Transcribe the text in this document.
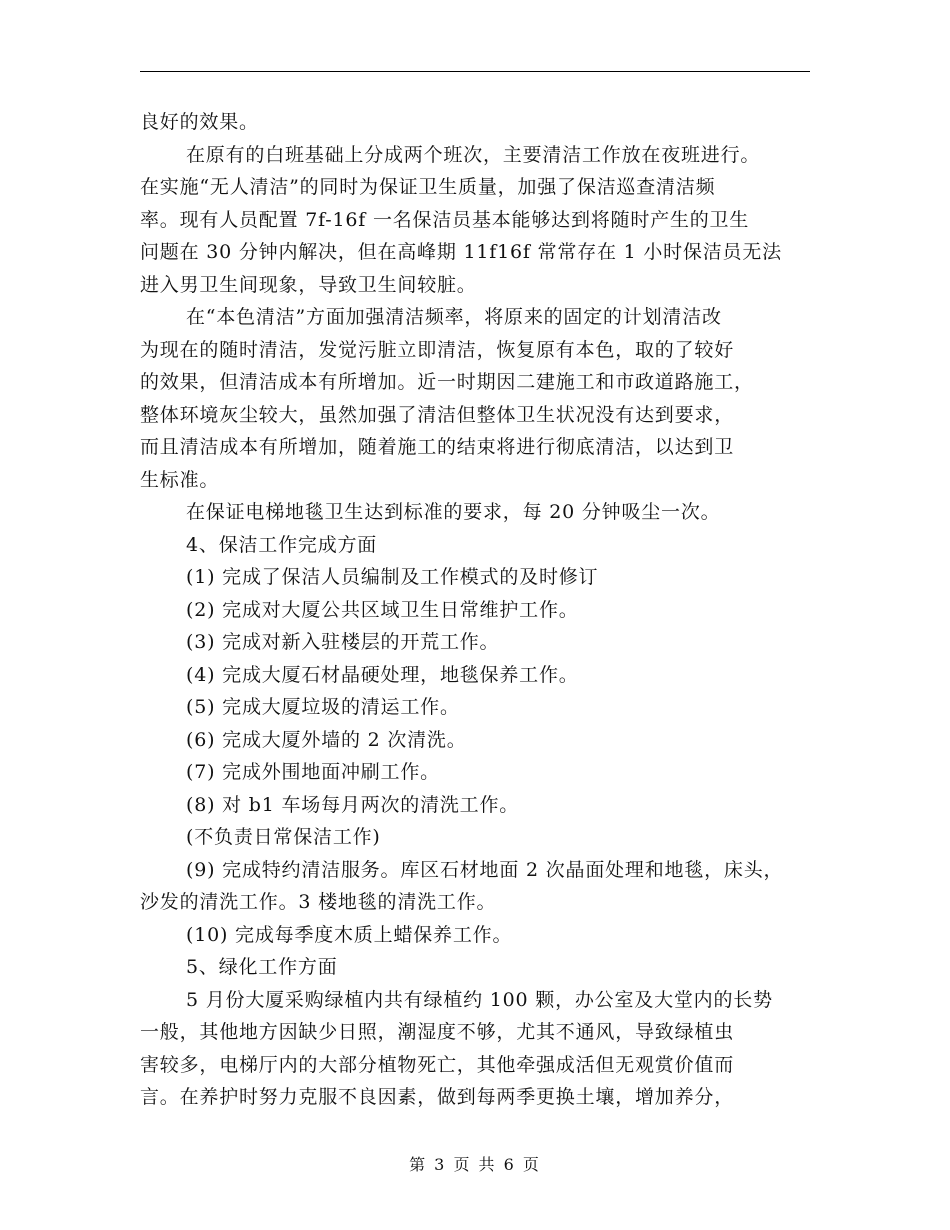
良好的效果。
在原有的白班基础上分成两个班次，主要清洁工作放在夜班进行。
在实施“无人清洁”的同时为保证卫生质量，加强了保洁巡查清洁频
率。现有人员配置 7f-16f 一名保洁员基本能够达到将随时产生的卫生
问题在 30 分钟内解决，但在高峰期 11f16f 常常存在 1 小时保洁员无法
进入男卫生间现象，导致卫生间较脏。
在“本色清洁”方面加强清洁频率，将原来的固定的计划清洁改
为现在的随时清洁，发觉污脏立即清洁，恢复原有本色，取的了较好
的效果，但清洁成本有所增加。近一时期因二建施工和市政道路施工，
整体环境灰尘较大，虽然加强了清洁但整体卫生状况没有达到要求，
而且清洁成本有所增加，随着施工的结束将进行彻底清洁，以达到卫
生标准。
在保证电梯地毯卫生达到标准的要求，每 20 分钟吸尘一次。
4、保洁工作完成方面
(1) 完成了保洁人员编制及工作模式的及时修订
(2) 完成对大厦公共区域卫生日常维护工作。
(3) 完成对新入驻楼层的开荒工作。
(4) 完成大厦石材晶硬处理，地毯保养工作。
(5) 完成大厦垃圾的清运工作。
(6) 完成大厦外墙的 2 次清洗。
(7) 完成外围地面冲刷工作。
(8) 对 b1 车场每月两次的清洗工作。
(不负责日常保洁工作)
(9) 完成特约清洁服务。库区石材地面 2 次晶面处理和地毯，床头，
沙发的清洗工作。3 楼地毯的清洗工作。
(10) 完成每季度木质上蜡保养工作。
5、绿化工作方面
5 月份大厦采购绿植内共有绿植约 100 颗，办公室及大堂内的长势
一般，其他地方因缺少日照，潮湿度不够，尤其不通风，导致绿植虫
害较多，电梯厅内的大部分植物死亡，其他牵强成活但无观赏价值而
言。在养护时努力克服不良因素，做到每两季更换土壤，增加养分，
第 3 页 共 6 页
